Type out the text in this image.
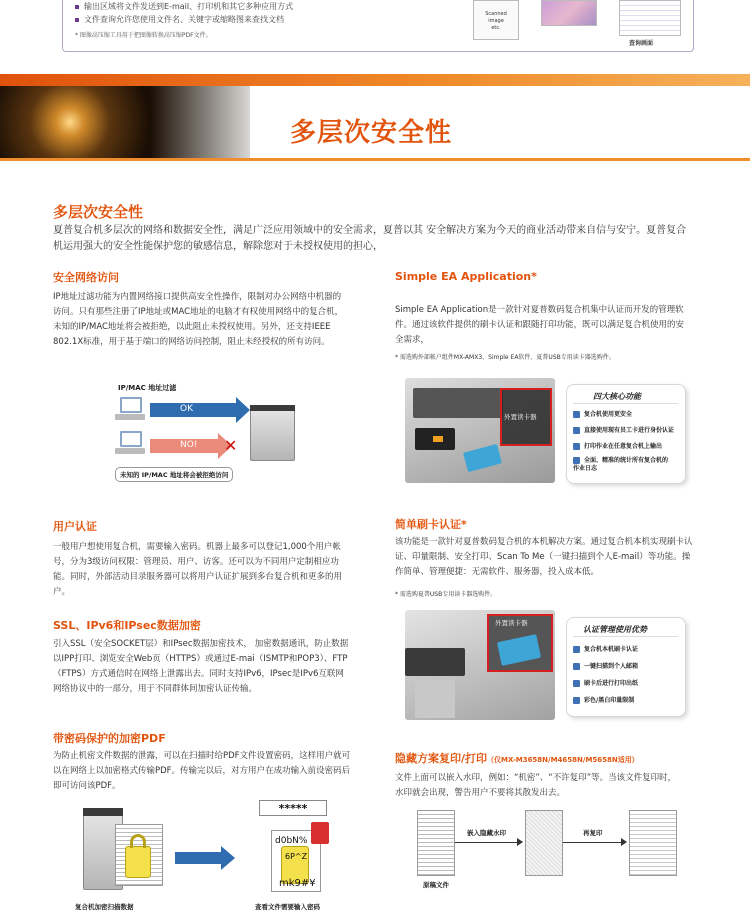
输出区域将文件发送到E-mail、打印机和其它多种应用方式
文件查询允许您使用文件名、关键字或缩略图来查找文档
* 图像高压缩工具用于把图像转换高压缩PDF文件。
Scanned
image
etc.
查询画面
多层次安全性
多层次安全性
夏普复合机多层次的网络和数据安全性，满足广泛应用领域中的安全需求，夏普以其 安全解决方案为今天的商业活动带来自信与安宁。夏普复合机运用强大的安全性能保护您的敏感信息，解除您对于未授权使用的担心，
安全网络访问
IP地址过滤功能为内置网络接口提供高安全性操作，限制对办公网络中机器的访问。只有那些注册了IP地址或MAC地址的电脑才有权使用网络中的复合机，未知的IP/MAC地址将会被拒绝，以此阻止未授权使用。另外，还支持IEEE 802.1X标准，用于基于端口的网络访问控制，阻止未经授权的所有访问。
IP/MAC 地址过滤
OK
NO! ✕
未知的 IP/MAC 地址将会被拒绝访问
Simple EA Application*
Simple EA Application是一款针对夏普数码复合机集中认证而开发的管理软件。通过该软件提供的刷卡认证和跟随打印功能，既可以满足复合机使用的安全需求，
* 需选购外部帐户组件MX-AMX3、Simple EA软件、夏普USB专用读卡器选购件。
外置读卡器
四大核心功能
复合机使用更安全
直接使用现有员工卡进行身份认证
打印作业在任意复合机上输出
全面、精准的统计所有复合机的作业日志
用户认证
一般用户想使用复合机，需要输入密码。机器上最多可以登记1,000个用户帐号，分为3级访问权限：管理员、用户、访客。还可以为不同用户定制相应功能。同时，外部活动目录服务器可以将用户认证扩展到多台复合机和更多的用户。
简单刷卡认证*
该功能是一款针对夏普数码复合机的本机解决方案。通过复合机本机实现刷卡认证、印量限制、安全打印、Scan To Me（一键扫描到个人E-mail）等功能。操作简单、管理便捷：无需软件、服务器，投入成本低。
* 需选购夏普USB专用读卡器选购件。
外置读卡器
认证管理使用优势
复合机本机刷卡认证
一键扫描到个人邮箱
刷卡后进行打印出纸
彩色/黑白印量限制
SSL、IPv6和IPsec数据加密
引入SSL（安全SOCKET层）和IPsec数据加密技术， 加密数据通讯，防止数据以IPP打印、浏览安全Web页（HTTPS）或通过E-mai（ISMTP和POP3）、FTP（FTPS）方式通信时在网络上泄露出去。同时支持IPv6，IPsec是IPv6互联网网络协议中的一部分，用于不同群体间加密认证传输。
带密码保护的加密PDF
为防止机密文件数据的泄露，可以在扫描时给PDF文件设置密码，这样用户就可以在网络上以加密格式传输PDF。传输完以后，对方用户在成功输入前设密码后即可访问该PDF。
*****
d0bN%
6P^Z
mk9#¥
复合机加密扫描数据	查看文件需要输入密码
隐藏方案复印/打印（仅MX-M3658N/M4658N/M5658N适用）
文件上面可以嵌入水印，例如：“机密”、“不许复印”等。当该文件复印时，水印就会出现，警告用户不要将其散发出去。
嵌入隐藏水印	再复印
原稿文件
